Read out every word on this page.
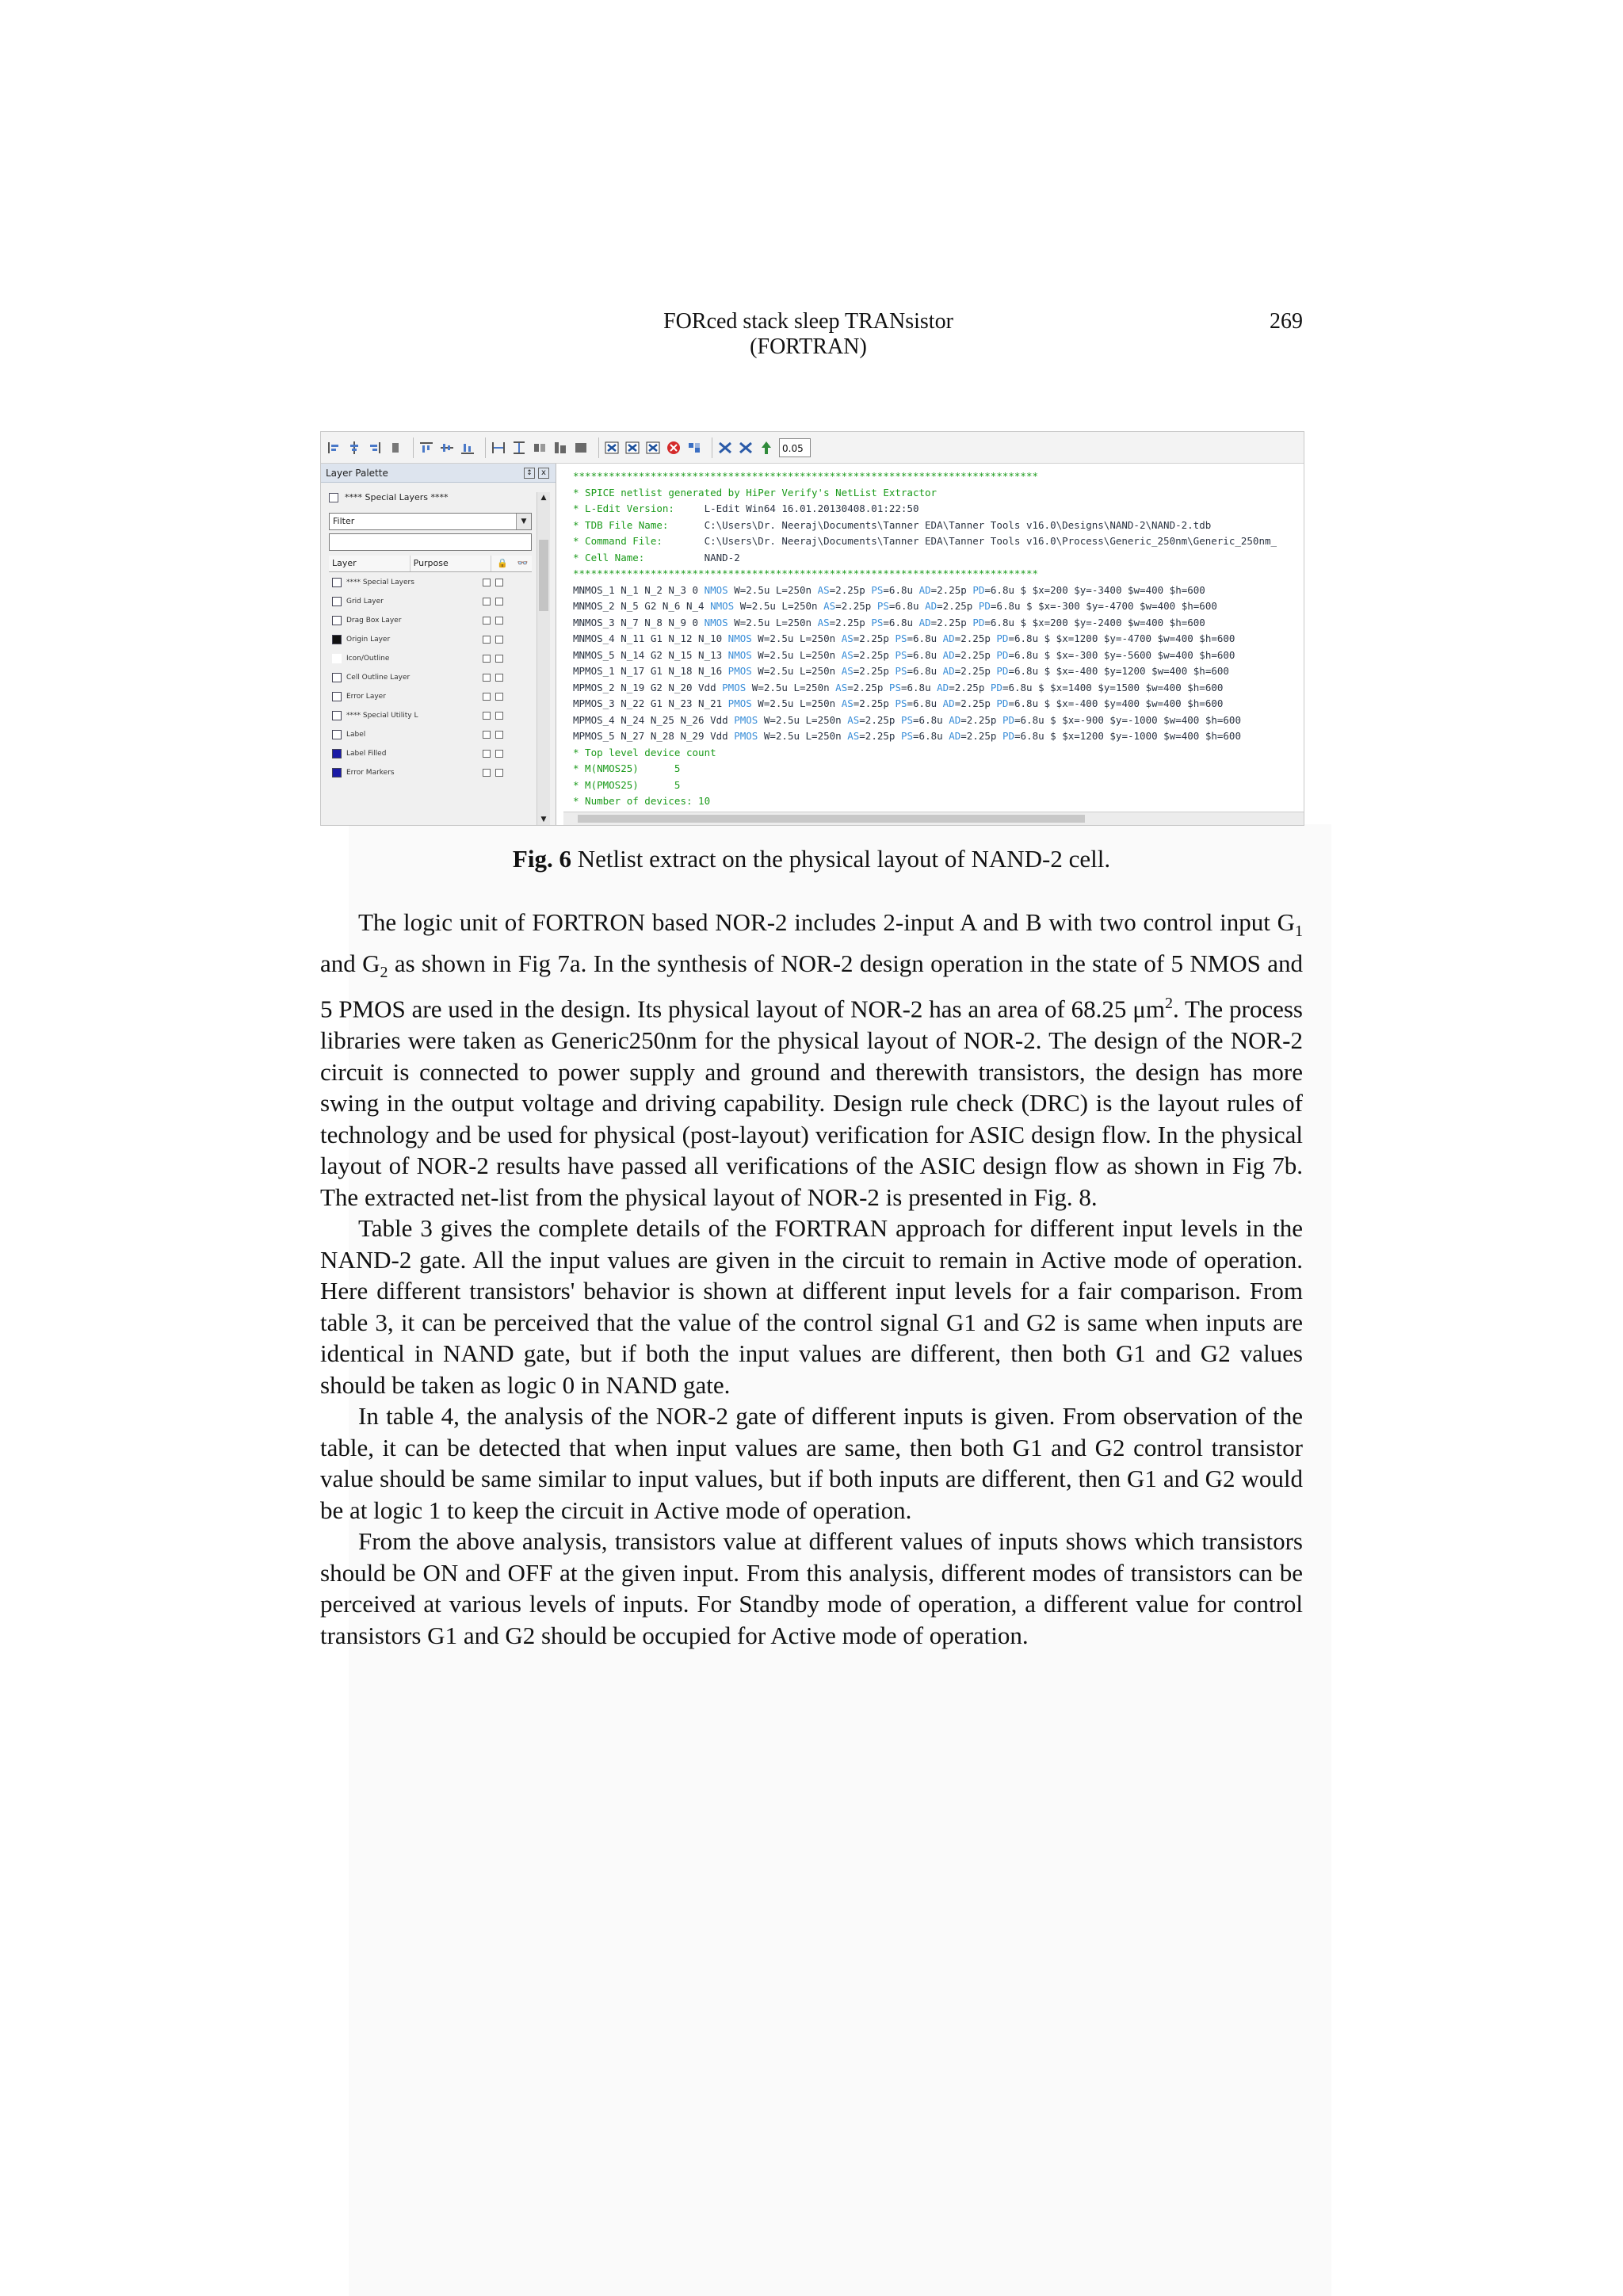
FORced stack sleep TRANsistor (FORTRAN)
269
0.05
Layer Palette	↕	x
**** Special Layers ****
Filter	▼
Layer	Purpose	🔒	👓
**** Special Layers
Grid Layer
Drag Box Layer
Origin Layer
Icon/Outline
Cell Outline Layer
Error Layer
**** Special Utility L
Label
Label Filled
Error Markers
▲
▼
******************************************************************************
* SPICE netlist generated by HiPer Verify's NetList Extractor
* L-Edit Version:     L-Edit Win64 16.01.20130408.01:22:50
* TDB File Name:      C:\Users\Dr. Neeraj\Documents\Tanner EDA\Tanner Tools v16.0\Designs\NAND-2\NAND-2.tdb
* Command File:       C:\Users\Dr. Neeraj\Documents\Tanner EDA\Tanner Tools v16.0\Process\Generic_250nm\Generic_250nm_
* Cell Name:          NAND-2
******************************************************************************
MNMOS_1 N_1 N_2 N_3 0 NMOS W=2.5u L=250n AS=2.25p PS=6.8u AD=2.25p PD=6.8u $ $x=200 $y=-3400 $w=400 $h=600
MNMOS_2 N_5 G2 N_6 N_4 NMOS W=2.5u L=250n AS=2.25p PS=6.8u AD=2.25p PD=6.8u $ $x=-300 $y=-4700 $w=400 $h=600
MNMOS_3 N_7 N_8 N_9 0 NMOS W=2.5u L=250n AS=2.25p PS=6.8u AD=2.25p PD=6.8u $ $x=200 $y=-2400 $w=400 $h=600
MNMOS_4 N_11 G1 N_12 N_10 NMOS W=2.5u L=250n AS=2.25p PS=6.8u AD=2.25p PD=6.8u $ $x=1200 $y=-4700 $w=400 $h=600
MNMOS_5 N_14 G2 N_15 N_13 NMOS W=2.5u L=250n AS=2.25p PS=6.8u AD=2.25p PD=6.8u $ $x=-300 $y=-5600 $w=400 $h=600
MPMOS_1 N_17 G1 N_18 N_16 PMOS W=2.5u L=250n AS=2.25p PS=6.8u AD=2.25p PD=6.8u $ $x=-400 $y=1200 $w=400 $h=600
MPMOS_2 N_19 G2 N_20 Vdd PMOS W=2.5u L=250n AS=2.25p PS=6.8u AD=2.25p PD=6.8u $ $x=1400 $y=1500 $w=400 $h=600
MPMOS_3 N_22 G1 N_23 N_21 PMOS W=2.5u L=250n AS=2.25p PS=6.8u AD=2.25p PD=6.8u $ $x=-400 $y=400 $w=400 $h=600
MPMOS_4 N_24 N_25 N_26 Vdd PMOS W=2.5u L=250n AS=2.25p PS=6.8u AD=2.25p PD=6.8u $ $x=-900 $y=-1000 $w=400 $h=600
MPMOS_5 N_27 N_28 N_29 Vdd PMOS W=2.5u L=250n AS=2.25p PS=6.8u AD=2.25p PD=6.8u $ $x=1200 $y=-1000 $w=400 $h=600
* Top level device count
* M(NMOS25)      5
* M(PMOS25)      5
* Number of devices: 10
Fig. 6 Netlist extract on the physical layout of NAND-2 cell.

The logic unit of FORTRON based NOR-2 includes 2-input A and B with two control input $G_1$ and $G_2$ as shown in Fig 7a. In the synthesis of NOR-2 design operation in the state of 5 NMOS and 5 PMOS are used in the design. Its physical layout of NOR-2 has an area of 68.25 $\mu m^2$. The process libraries were taken as Generic250nm for the physical layout of NOR-2. The design of the NOR-2 circuit is connected to power supply and ground and therewith transistors, the design has more swing in the output voltage and driving capability. Design rule check (DRC) is the layout rules of technology and be used for physical (post-layout) verification for ASIC design flow. In the physical layout of NOR-2 results have passed all verifications of the ASIC design flow as shown in Fig 7b. The extracted net-list from the physical layout of NOR-2 is presented in Fig. 8.

Table 3 gives the complete details of the FORTRAN approach for different input levels in the NAND-2 gate. All the input values are given in the circuit to remain in Active mode of operation. Here different transistors' behavior is shown at different input levels for a fair comparison. From table 3, it can be perceived that the value of the control signal G1 and G2 is same when inputs are identical in NAND gate, but if both the input values are different, then both G1 and G2 values should be taken as logic 0 in NAND gate.

In table 4, the analysis of the NOR-2 gate of different inputs is given. From observation of the table, it can be detected that when input values are same, then both G1 and G2 control transistor value should be same similar to input values, but if both inputs are different, then G1 and G2 would be at logic 1 to keep the circuit in Active mode of operation.

From the above analysis, transistors value at different values of inputs shows which transistors should be ON and OFF at the given input. From this analysis, different modes of transistors can be perceived at various levels of inputs. For Standby mode of operation, a different value for control transistors G1 and G2 should be occupied for Active mode of operation.
